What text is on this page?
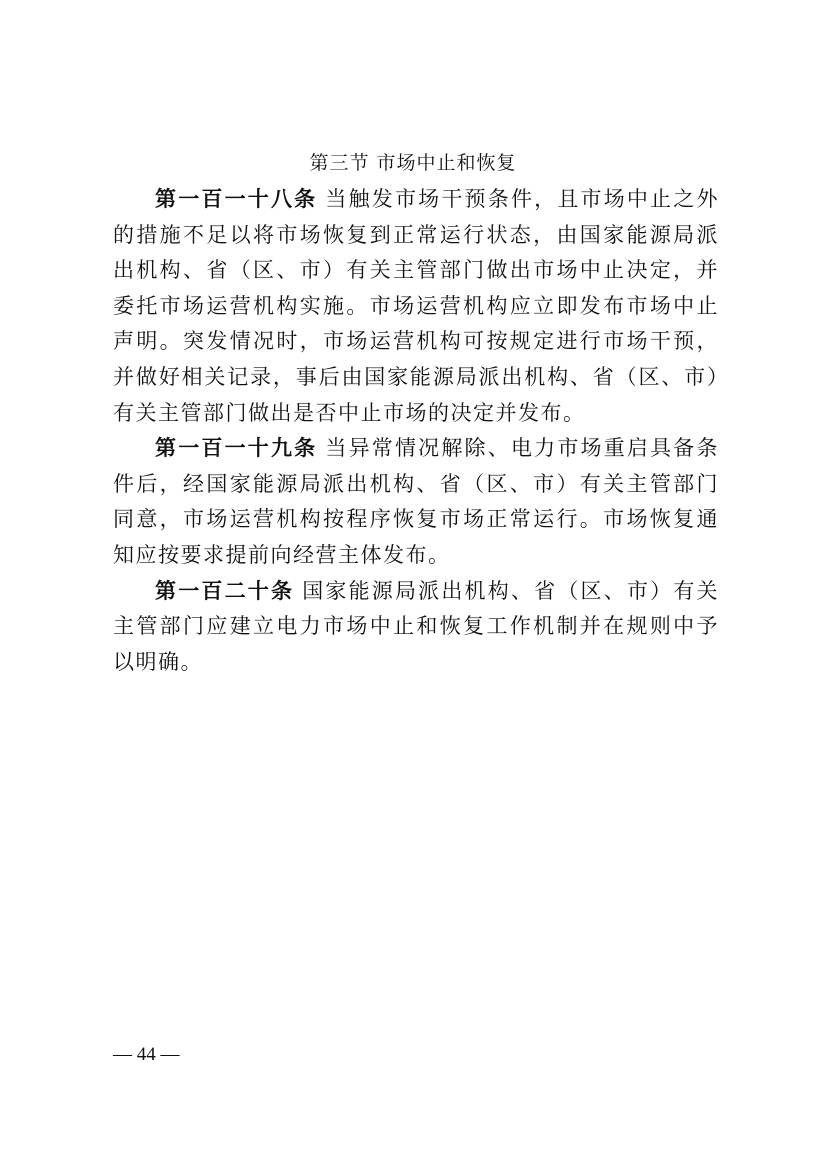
第三节 市场中止和恢复

第一百一十八条 当触发市场干预条件，且市场中止之外的措施不足以将市场恢复到正常运行状态，由国家能源局派出机构、省（区、市）有关主管部门做出市场中止决定，并委托市场运营机构实施。市场运营机构应立即发布市场中止声明。突发情况时，市场运营机构可按规定进行市场干预，并做好相关记录，事后由国家能源局派出机构、省（区、市）有关主管部门做出是否中止市场的决定并发布。

第一百一十九条 当异常情况解除、电力市场重启具备条件后，经国家能源局派出机构、省（区、市）有关主管部门同意，市场运营机构按程序恢复市场正常运行。市场恢复通知应按要求提前向经营主体发布。

第一百二十条 国家能源局派出机构、省（区、市）有关主管部门应建立电力市场中止和恢复工作机制并在规则中予以明确。

— 44 —
